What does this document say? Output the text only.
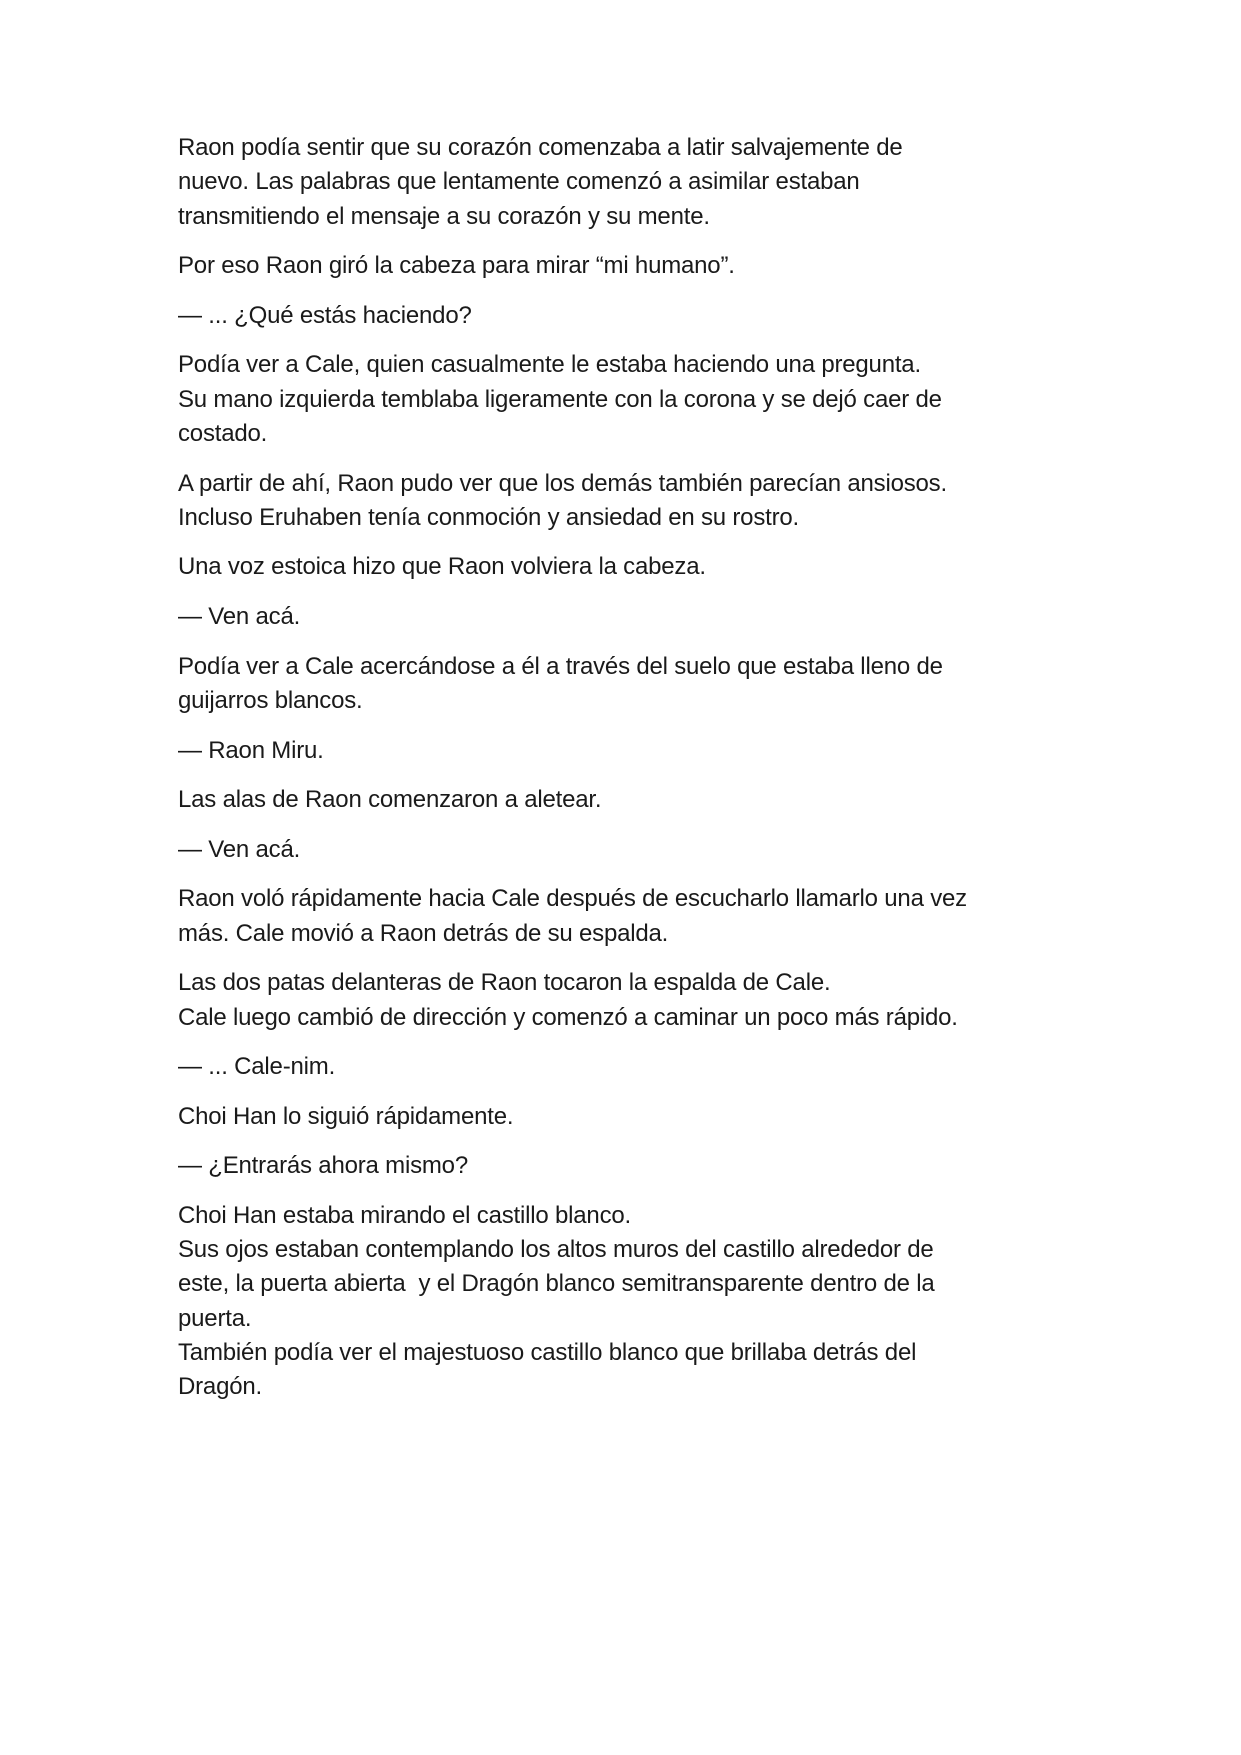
Raon podía sentir que su corazón comenzaba a latir salvajemente de
nuevo. Las palabras que lentamente comenzó a asimilar estaban
transmitiendo el mensaje a su corazón y su mente.

Por eso Raon giró la cabeza para mirar “mi humano”.

— ... ¿Qué estás haciendo?

Podía ver a Cale, quien casualmente le estaba haciendo una pregunta.
Su mano izquierda temblaba ligeramente con la corona y se dejó caer de
costado.

A partir de ahí, Raon pudo ver que los demás también parecían ansiosos.
Incluso Eruhaben tenía conmoción y ansiedad en su rostro.

Una voz estoica hizo que Raon volviera la cabeza.

— Ven acá.

Podía ver a Cale acercándose a él a través del suelo que estaba lleno de
guijarros blancos.

— Raon Miru.

Las alas de Raon comenzaron a aletear.

— Ven acá.

Raon voló rápidamente hacia Cale después de escucharlo llamarlo una vez
más. Cale movió a Raon detrás de su espalda.

Las dos patas delanteras de Raon tocaron la espalda de Cale.
Cale luego cambió de dirección y comenzó a caminar un poco más rápido.

— ... Cale-nim.

Choi Han lo siguió rápidamente.

— ¿Entrarás ahora mismo?

Choi Han estaba mirando el castillo blanco.
Sus ojos estaban contemplando los altos muros del castillo alrededor de
este, la puerta abierta  y el Dragón blanco semitransparente dentro de la
puerta.
También podía ver el majestuoso castillo blanco que brillaba detrás del
Dragón.
